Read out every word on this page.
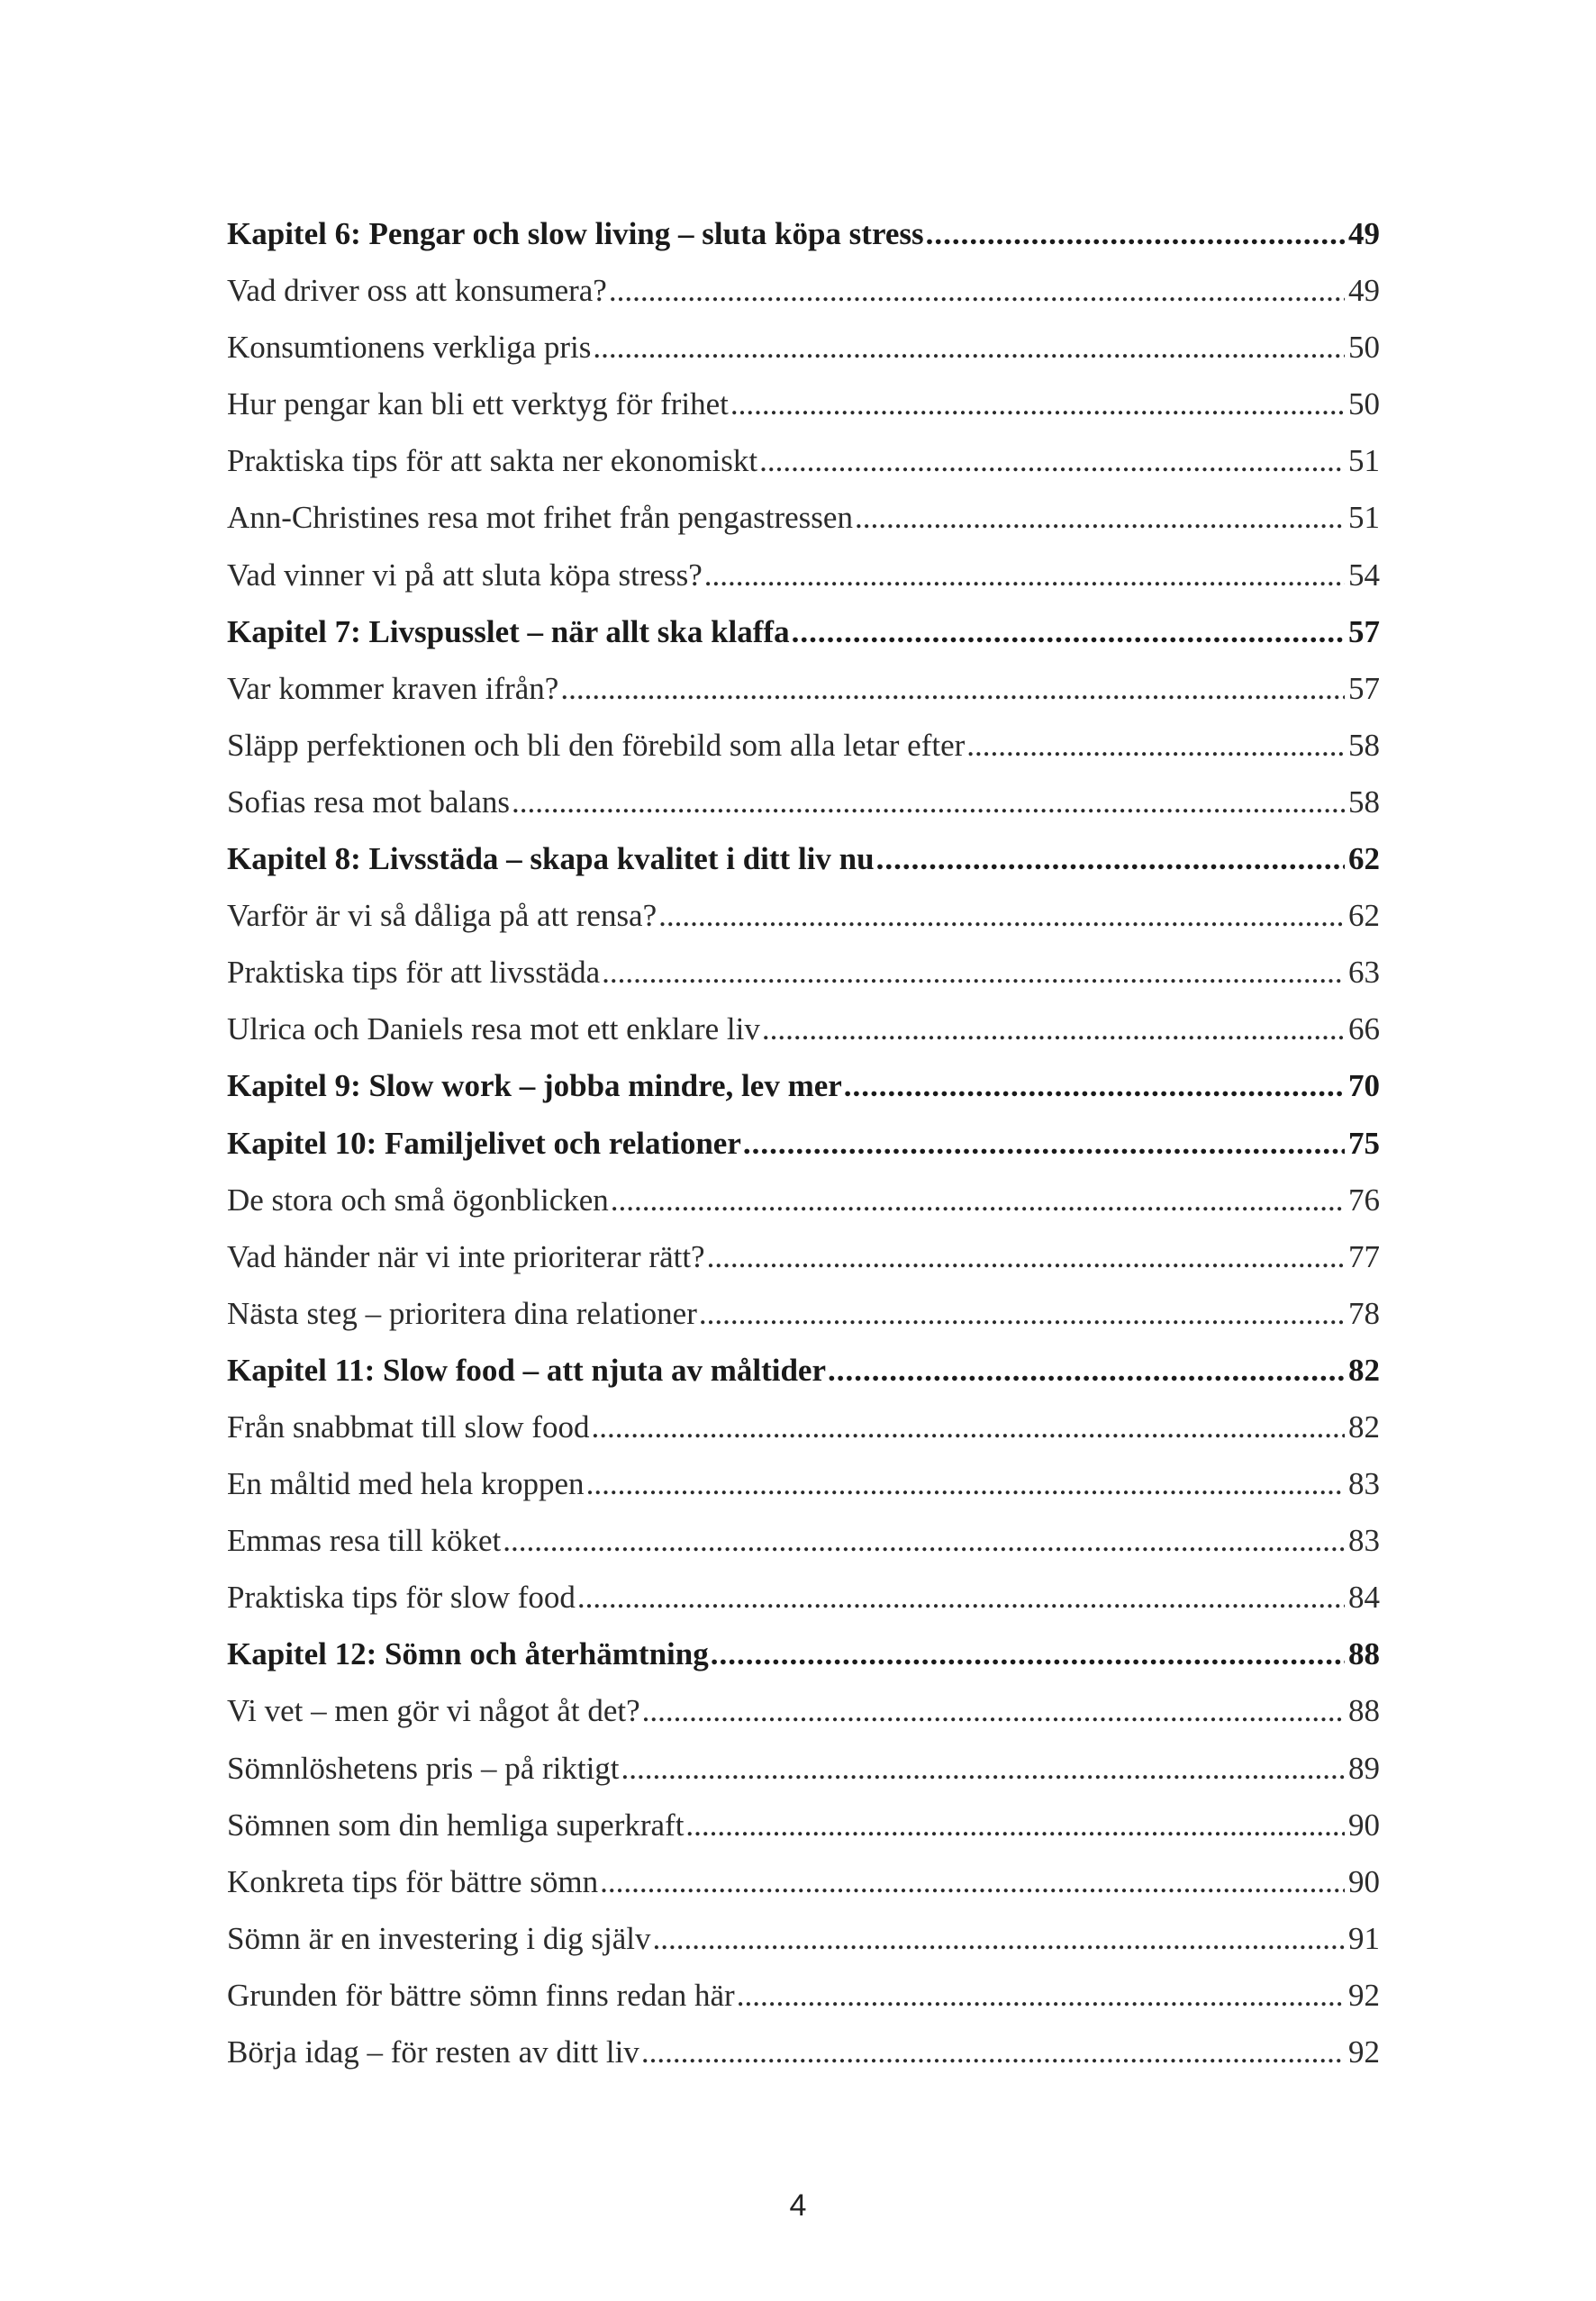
Kapitel 6: Pengar och slow living – sluta köpa stress .....	49
Vad driver oss att konsumera? .....	49
Konsumtionens verkliga pris .....	50
Hur pengar kan bli ett verktyg för frihet .....	50
Praktiska tips för att sakta ner ekonomiskt .....	51
Ann-Christines resa mot frihet från pengastressen .....	51
Vad vinner vi på att sluta köpa stress? .....	54
Kapitel 7: Livspusslet – när allt ska klaffa .....	57
Var kommer kraven ifrån? .....	57
Släpp perfektionen och bli den förebild som alla letar efter .....	58
Sofias resa mot balans .....	58
Kapitel 8: Livsstäda – skapa kvalitet i ditt liv nu .....	62
Varför är vi så dåliga på att rensa? .....	62
Praktiska tips för att livsstäda .....	63
Ulrica och Daniels resa mot ett enklare liv .....	66
Kapitel 9: Slow work – jobba mindre, lev mer .....	70
Kapitel 10: Familjelivet och relationer .....	75
De stora och små ögonblicken .....	76
Vad händer när vi inte prioriterar rätt? .....	77
Nästa steg – prioritera dina relationer .....	78
Kapitel 11: Slow food – att njuta av måltider .....	82
Från snabbmat till slow food .....	82
En måltid med hela kroppen .....	83
Emmas resa till köket .....	83
Praktiska tips för slow food .....	84
Kapitel 12: Sömn och återhämtning .....	88
Vi vet – men gör vi något åt det? .....	88
Sömnlöshetens pris – på riktigt .....	89
Sömnen som din hemliga superkraft .....	90
Konkreta tips för bättre sömn .....	90
Sömn är en investering i dig själv .....	91
Grunden för bättre sömn finns redan här .....	92
Börja idag – för resten av ditt liv .....	92
4
